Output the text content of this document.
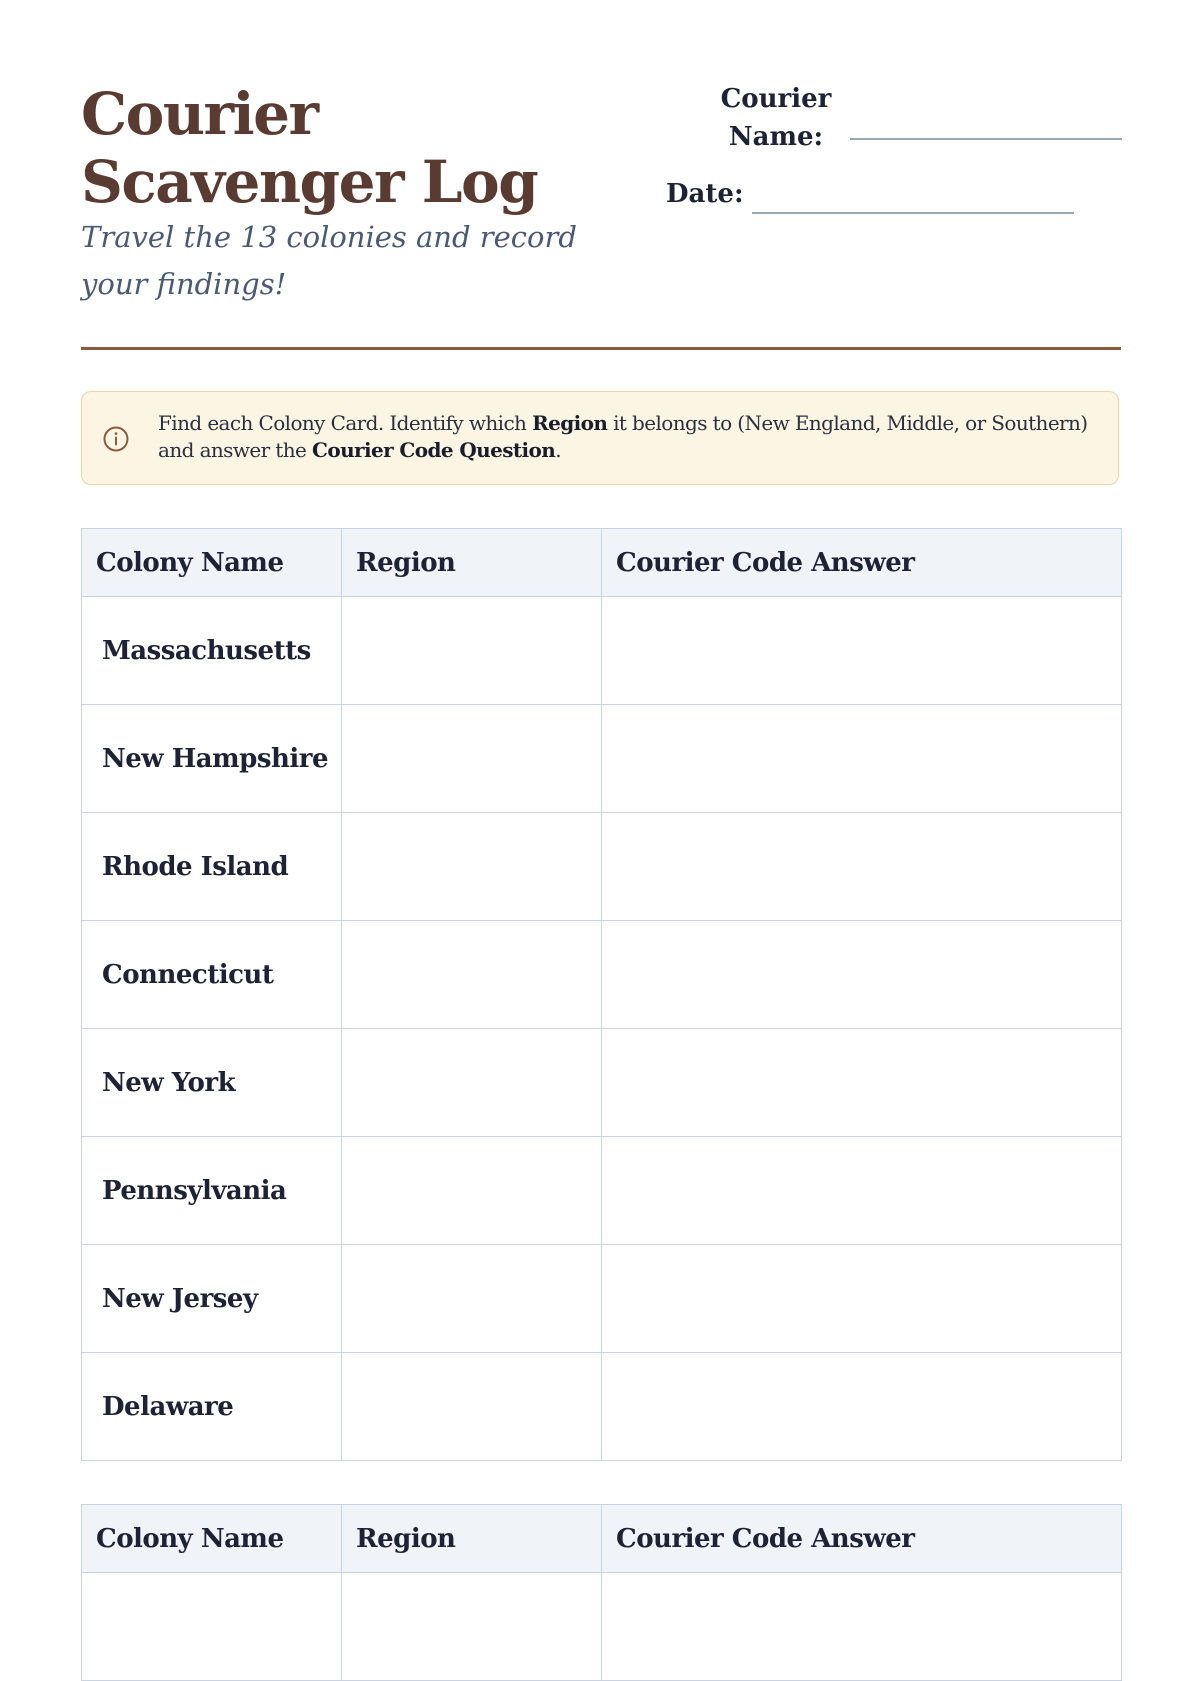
Courier Scavenger Log

Travel the 13 colonies and record your findings!

Courier
Name:
Date:
Find each Colony Card. Identify which Region it belongs to (New England, Middle, or Southern) and answer the Courier Code Question.
Colony Name	Region	Courier Code Answer
Massachusetts		
New Hampshire		
Rhode Island		
Connecticut		
New York		
Pennsylvania		
New Jersey		
Delaware		
Colony Name	Region	Courier Code Answer
